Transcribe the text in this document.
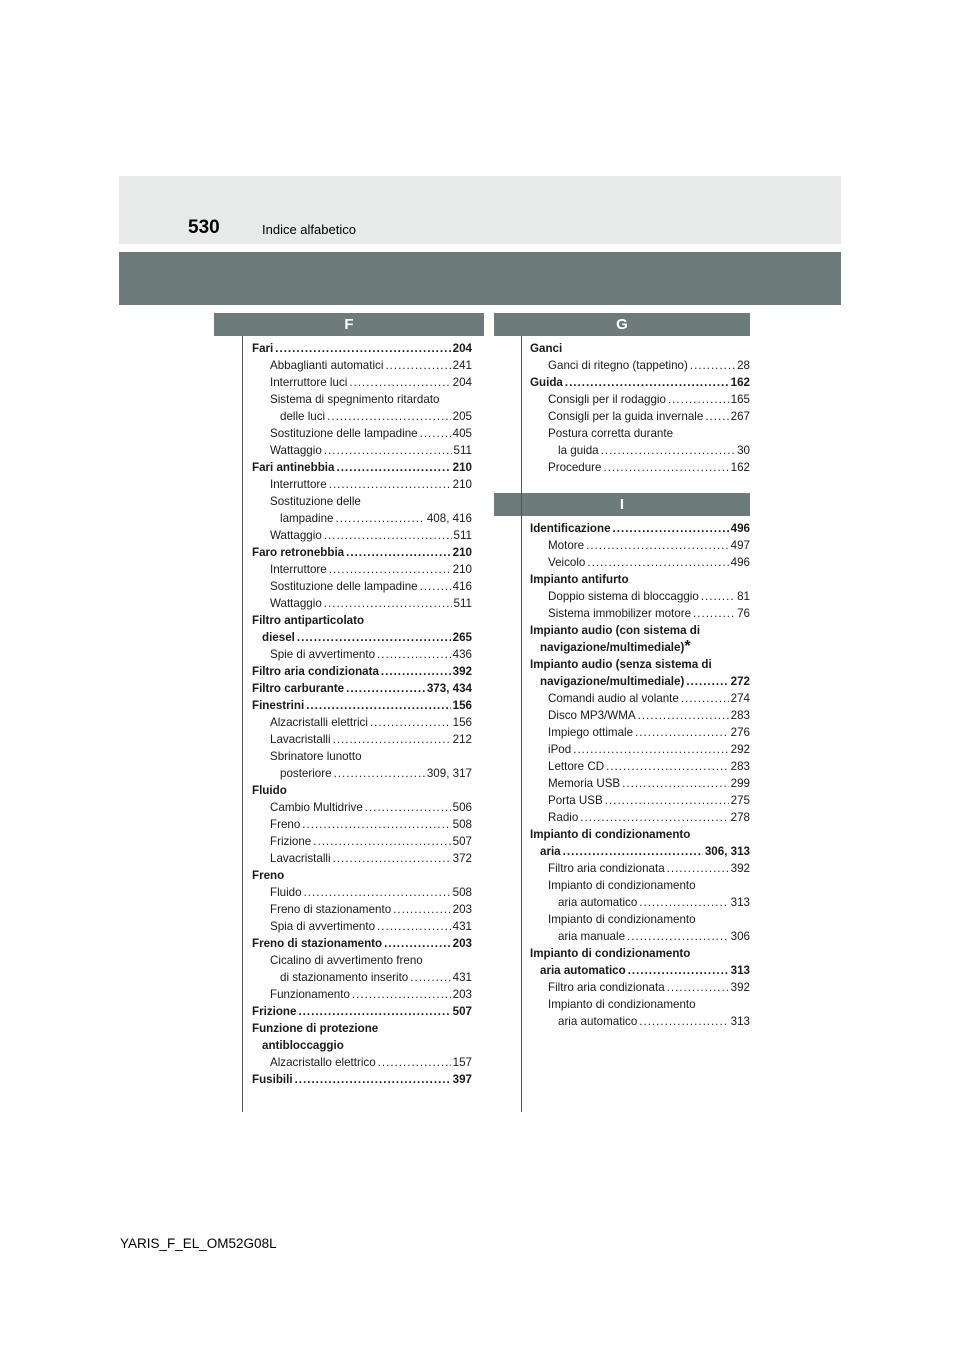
530	Indice alfabetico
F
Fari .....	204
Abbaglianti automatici .....	241
Interruttore luci .....	204
Sistema di spegnimento ritardato
delle luci .....	205
Sostituzione delle lampadine .....	405
Wattaggio .....	511
Fari antinebbia .....	210
Interruttore .....	210
Sostituzione delle
lampadine .....	408, 416
Wattaggio .....	511
Faro retronebbia .....	210
Interruttore .....	210
Sostituzione delle lampadine .....	416
Wattaggio .....	511
Filtro antiparticolato
diesel .....	265
Spie di avvertimento .....	436
Filtro aria condizionata .....	392
Filtro carburante .....	373, 434
Finestrini .....	156
Alzacristalli elettrici .....	156
Lavacristalli .....	212
Sbrinatore lunotto
posteriore .....	309, 317
Fluido
Cambio Multidrive .....	506
Freno .....	508
Frizione .....	507
Lavacristalli .....	372
Freno
Fluido .....	508
Freno di stazionamento .....	203
Spia di avvertimento .....	431
Freno di stazionamento .....	203
Cicalino di avvertimento freno
di stazionamento inserito .....	431
Funzionamento .....	203
Frizione .....	507
Funzione di protezione
antibloccaggio
Alzacristallo elettrico .....	157
Fusibili .....	397
G
Ganci
Ganci di ritegno (tappetino) .....	28
Guida .....	162
Consigli per il rodaggio .....	165
Consigli per la guida invernale ..... 267
Postura corretta durante
la guida .....	30
Procedure .....	162
I
Identificazione .....	496
Motore .....	497
Veicolo .....	496
Impianto antifurto
Doppio sistema di bloccaggio .....	81
Sistema immobilizer motore .....	76
Impianto audio (con sistema di
navigazione/multimediale) *
Impianto audio (senza sistema di
navigazione/multimediale) .....	272
Comandi audio al volante .....	274
Disco MP3/WMA .....	283
Impiego ottimale .....	276
iPod .....	292
Lettore CD .....	283
Memoria USB .....	299
Porta USB .....	275
Radio .....	278
Impianto di condizionamento
aria .....	306, 313
Filtro aria condizionata .....	392
Impianto di condizionamento
aria automatico .....	313
Impianto di condizionamento
aria manuale .....	306
Impianto di condizionamento
aria automatico .....	313
Filtro aria condizionata .....	392
Impianto di condizionamento
aria automatico .....	313
YARIS_F_EL_OM52G08L
